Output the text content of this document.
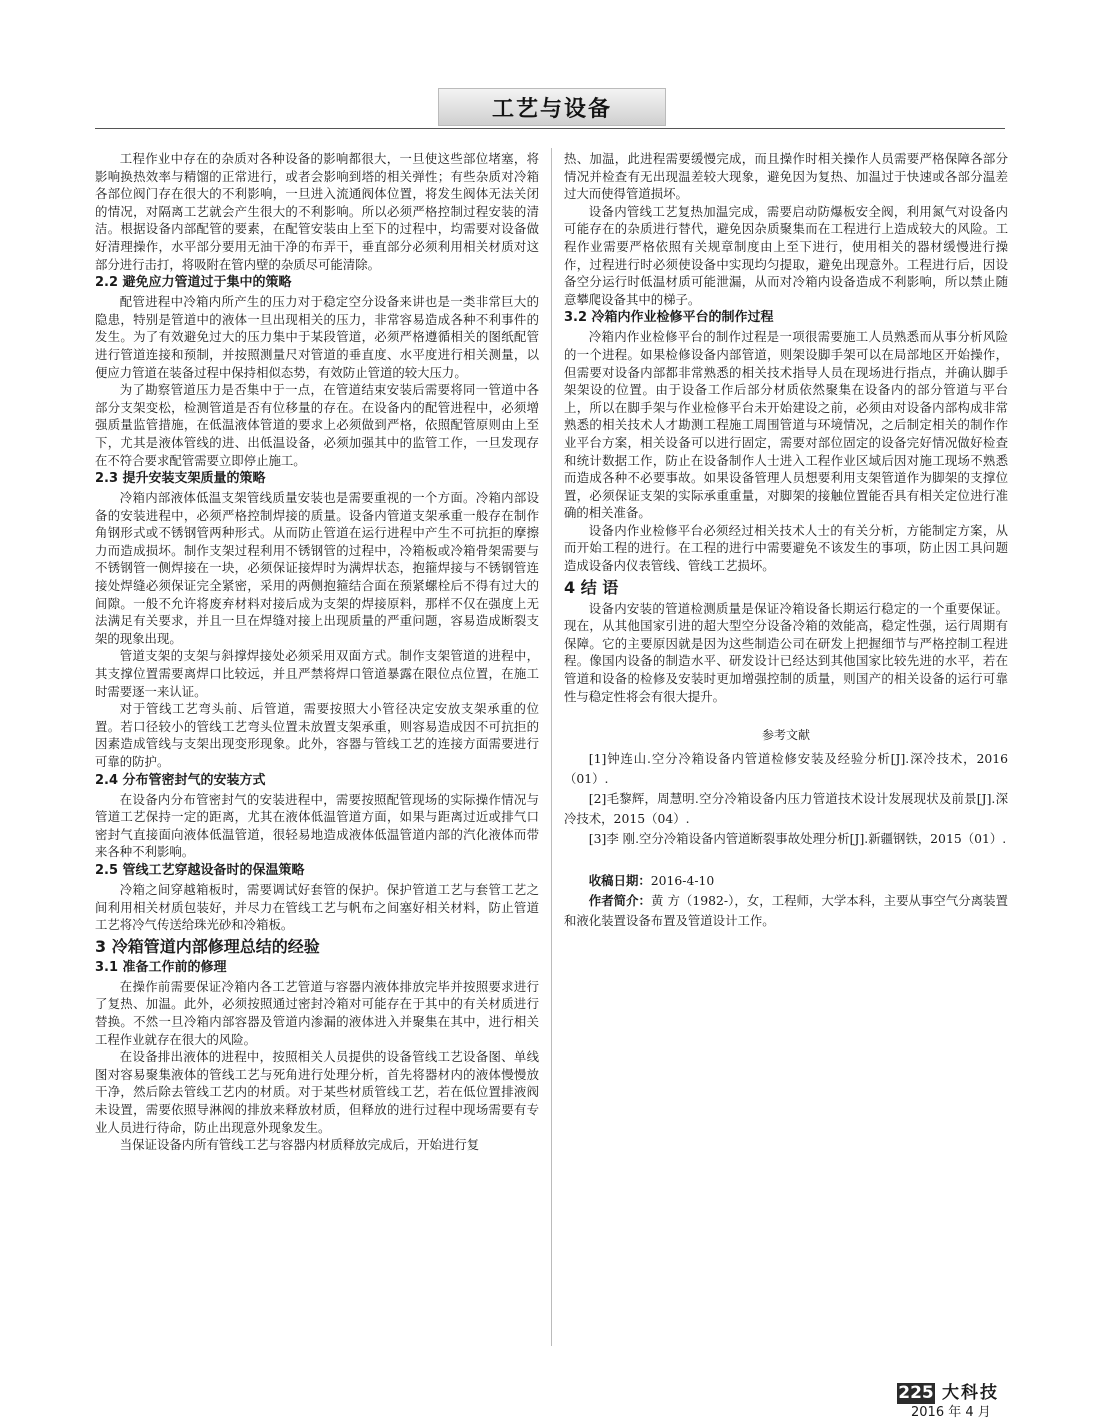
工艺与设备

工程作业中存在的杂质对各种设备的影响都很大，一旦使这些部位堵塞，将影响换热效率与精馏的正常进行，或者会影响到塔的相关弹性；有些杂质对冷箱各部位阀门存在很大的不利影响，一旦进入流通阀体位置，将发生阀体无法关闭的情况，对隔离工艺就会产生很大的不利影响。所以必须严格控制过程安装的清洁。根据设备内部配管的要素，在配管安装由上至下的过程中，均需要对设备做好清理操作，水平部分要用无油干净的布弄干，垂直部分必须利用相关材质对这部分进行击打，将吸附在管内壁的杂质尽可能清除。

2.2 避免应力管道过于集中的策略

配管进程中冷箱内所产生的压力对于稳定空分设备来讲也是一类非常巨大的隐患，特别是管道中的液体一旦出现相关的压力，非常容易造成各种不利事件的发生。为了有效避免过大的压力集中于某段管道，必须严格遵循相关的图纸配管进行管道连接和预制，并按照测量尺对管道的垂直度、水平度进行相关测量，以便应力管道在装备过程中保持相似态势，有效防止管道的较大压力。

为了勘察管道压力是否集中于一点，在管道结束安装后需要将同一管道中各部分支架变松，检测管道是否有位移量的存在。在设备内的配管进程中，必须增强质量监管措施，在低温液体管道的要求上必须做到严格，依照配管原则由上至下，尤其是液体管线的进、出低温设备，必须加强其中的监管工作，一旦发现存在不符合要求配管需要立即停止施工。

2.3 提升安装支架质量的策略

冷箱内部液体低温支架管线质量安装也是需要重视的一个方面。冷箱内部设备的安装进程中，必须严格控制焊接的质量。设备内管道支架承重一般存在制作角钢形式或不锈钢管两种形式。从而防止管道在运行进程中产生不可抗拒的摩擦力而造成损坏。制作支架过程利用不锈钢管的过程中，冷箱板或冷箱骨架需要与不锈钢管一侧焊接在一块，必须保证接焊时为满焊状态，抱箍焊接与不锈钢管连接处焊缝必须保证完全紧密，采用的两侧抱箍结合面在预紧螺栓后不得有过大的间隙。一般不允许将废弃材料对接后成为支架的焊接原料，那样不仅在强度上无法满足有关要求，并且一旦在焊缝对接上出现质量的严重问题，容易造成断裂支架的现象出现。

管道支架的支架与斜撑焊接处必须采用双面方式。制作支架管道的进程中，其支撑位置需要离焊口比较远，并且严禁将焊口管道暴露在限位点位置，在施工时需要逐一来认证。

对于管线工艺弯头前、后管道，需要按照大小管径决定安放支架承重的位置。若口径较小的管线工艺弯头位置未放置支架承重，则容易造成因不可抗拒的因素造成管线与支架出现变形现象。此外，容器与管线工艺的连接方面需要进行可靠的防护。

2.4 分布管密封气的安装方式

在设备内分布管密封气的安装进程中，需要按照配管现场的实际操作情况与管道工艺保持一定的距离，尤其在液体低温管道方面，如果与距离过近或排气口密封气直接面向液体低温管道，很轻易地造成液体低温管道内部的汽化液体而带来各种不利影响。

2.5 管线工艺穿越设备时的保温策略

冷箱之间穿越箱板时，需要调试好套管的保护。保护管道工艺与套管工艺之间利用相关材质包装好，并尽力在管线工艺与帆布之间塞好相关材料，防止管道工艺将冷气传送给珠光砂和冷箱板。

3 冷箱管道内部修理总结的经验
3.1 准备工作前的修理

在操作前需要保证冷箱内各工艺管道与容器内液体排放完毕并按照要求进行了复热、加温。此外，必须按照通过密封冷箱对可能存在于其中的有关材质进行替换。不然一旦冷箱内部容器及管道内渗漏的液体进入并聚集在其中，进行相关工程作业就存在很大的风险。

在设备排出液体的进程中，按照相关人员提供的设备管线工艺设备图、单线图对容易聚集液体的管线工艺与死角进行处理分析，首先将器材内的液体慢慢放干净，然后除去管线工艺内的材质。对于某些材质管线工艺，若在低位置排液阀未设置，需要依照导淋阀的排放来释放材质，但释放的进行过程中现场需要有专业人员进行待命，防止出现意外现象发生。

当保证设备内所有管线工艺与容器内材质释放完成后，开始进行复

热、加温，此进程需要缓慢完成，而且操作时相关操作人员需要严格保障各部分情况并检查有无出现温差较大现象，避免因为复热、加温过于快速或各部分温差过大而使得管道损坏。

设备内管线工艺复热加温完成，需要启动防爆板安全阀，利用氮气对设备内可能存在的杂质进行替代，避免因杂质聚集而在工程进行上造成较大的风险。工程作业需要严格依照有关规章制度由上至下进行，使用相关的器材缓慢进行操作，过程进行时必须使设备中实现均匀提取，避免出现意外。工程进行后，因设备空分运行时低温材质可能泄漏，从而对冷箱内设备造成不利影响，所以禁止随意攀爬设备其中的梯子。

3.2 冷箱内作业检修平台的制作过程

冷箱内作业检修平台的制作过程是一项很需要施工人员熟悉而从事分析风险的一个进程。如果检修设备内部管道，则架设脚手架可以在局部地区开始操作，但需要对设备内部都非常熟悉的相关技术指导人员在现场进行指点，并确认脚手架架设的位置。由于设备工作后部分材质依然聚集在设备内的部分管道与平台上，所以在脚手架与作业检修平台未开始建设之前，必须由对设备内部构成非常熟悉的相关技术人才勘测工程施工周围管道与环境情况，之后制定相关的制作作业平台方案，相关设备可以进行固定，需要对部位固定的设备完好情况做好检查和统计数据工作，防止在设备制作人士进入工程作业区域后因对施工现场不熟悉而造成各种不必要事故。如果设备管理人员想要利用支架管道作为脚架的支撑位置，必须保证支架的实际承重重量，对脚架的接触位置能否具有相关定位进行准确的相关准备。

设备内作业检修平台必须经过相关技术人士的有关分析，方能制定方案，从而开始工程的进行。在工程的进行中需要避免不该发生的事项，防止因工具问题造成设备内仪表管线、管线工艺损坏。

4 结 语

设备内安装的管道检测质量是保证冷箱设备长期运行稳定的一个重要保证。现在，从其他国家引进的超大型空分设备冷箱的效能高，稳定性强，运行周期有保障。它的主要原因就是因为这些制造公司在研发上把握细节与严格控制工程进程。像国内设备的制造水平、研发设计已经达到其他国家比较先进的水平，若在管道和设备的检修及安装时更加增强控制的质量，则国产的相关设备的运行可靠性与稳定性将会有很大提升。

参考文献

[1]钟连山.空分冷箱设备内管道检修安装及经验分析[J].深冷技术，2016（01）.

[2]毛黎辉，周慧明.空分冷箱设备内压力管道技术设计发展现状及前景[J].深冷技术，2015（04）.

[3]李 刚.空分冷箱设备内管道断裂事故处理分析[J].新疆钢铁，2015（01）.

收稿日期：2016-4-10

作者简介：黄 方（1982-），女，工程师，大学本科，主要从事空气分离装置和液化装置设备布置及管道设计工作。

225 大科技
2016 年 4 月
